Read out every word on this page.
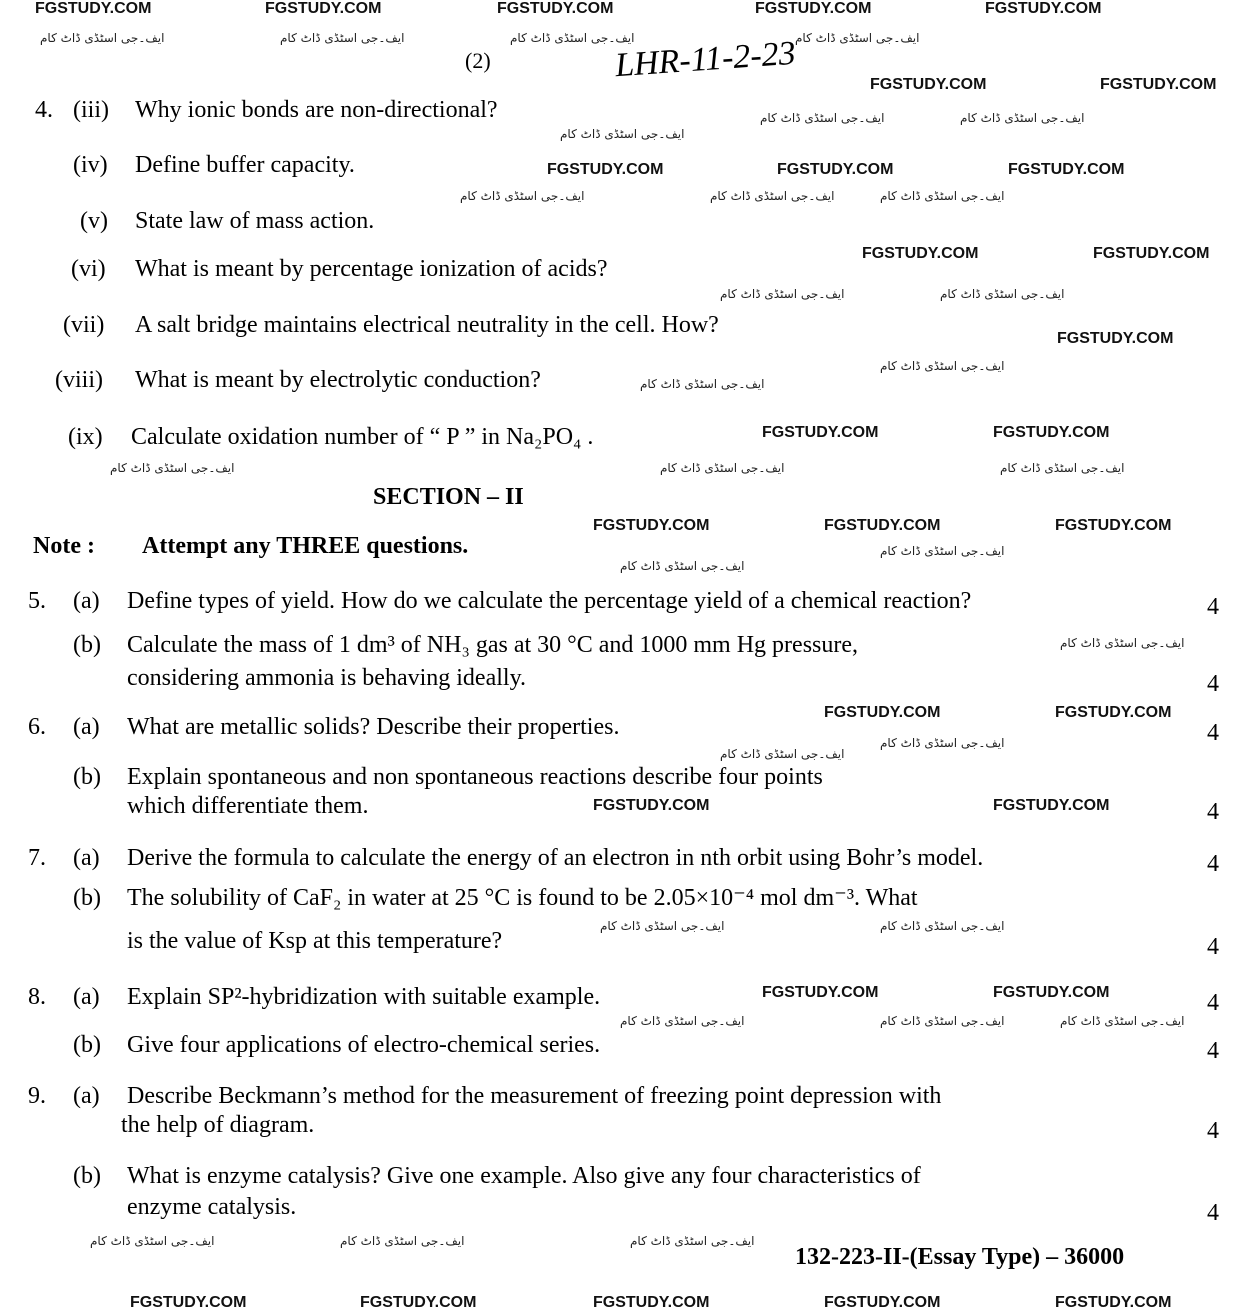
FGSTUDY.COM	FGSTUDY.COM	FGSTUDY.COM	FGSTUDY.COM	FGSTUDY.COM
FGSTUDY.COM	FGSTUDY.COM
FGSTUDY.COM	FGSTUDY.COM	FGSTUDY.COM
FGSTUDY.COM	FGSTUDY.COM
FGSTUDY.COM
FGSTUDY.COM	FGSTUDY.COM
FGSTUDY.COM	FGSTUDY.COM	FGSTUDY.COM
FGSTUDY.COM	FGSTUDY.COM
FGSTUDY.COM	FGSTUDY.COM
FGSTUDY.COM	FGSTUDY.COM
FGSTUDY.COM	FGSTUDY.COM	FGSTUDY.COM	FGSTUDY.COM	FGSTUDY.COM
ایف۔جی اسٹڈی ڈاٹ کام	ایف۔جی اسٹڈی ڈاٹ کام	ایف۔جی اسٹڈی ڈاٹ کام	ایف۔جی اسٹڈی ڈاٹ کام
ایف۔جی اسٹڈی ڈاٹ کام
ایف۔جی اسٹڈی ڈاٹ کام	ایف۔جی اسٹڈی ڈاٹ کام
ایف۔جی اسٹڈی ڈاٹ کام	ایف۔جی اسٹڈی ڈاٹ کام	ایف۔جی اسٹڈی ڈاٹ کام
ایف۔جی اسٹڈی ڈاٹ کام	ایف۔جی اسٹڈی ڈاٹ کام
ایف۔جی اسٹڈی ڈاٹ کام
ایف۔جی اسٹڈی ڈاٹ کام
ایف۔جی اسٹڈی ڈاٹ کام	ایف۔جی اسٹڈی ڈاٹ کام	ایف۔جی اسٹڈی ڈاٹ کام
ایف۔جی اسٹڈی ڈاٹ کام
ایف۔جی اسٹڈی ڈاٹ کام
ایف۔جی اسٹڈی ڈاٹ کام
ایف۔جی اسٹڈی ڈاٹ کام
ایف۔جی اسٹڈی ڈاٹ کام
ایف۔جی اسٹڈی ڈاٹ کام
ایف۔جی اسٹڈی ڈاٹ کام
ایف۔جی اسٹڈی ڈاٹ کام
ایف۔جی اسٹڈی ڈاٹ کام	ایف۔جی اسٹڈی ڈاٹ کام
ایف۔جی اسٹڈی ڈاٹ کام	ایف۔جی اسٹڈی ڈاٹ کام	ایف۔جی اسٹڈی ڈاٹ کام
(2)	LHR-11-2-23
4. (iii) Why ionic bonds are non-directional?
(iv) Define buffer capacity.
(v) State law of mass action.
(vi) What is meant by percentage ionization of acids?
(vii) A salt bridge maintains electrical neutrality in the cell. How?
(viii) What is meant by electrolytic conduction?
(ix) Calculate oxidation number of “ P ” in Na₂PO₄ .
SECTION – II
Note : Attempt any THREE questions.
5. (a) Define types of yield. How do we calculate the percentage yield of a chemical reaction?	4
(b) Calculate the mass of 1 dm³ of NH₃ gas at 30 °C and 1000 mm Hg pressure,
considering ammonia is behaving ideally.	4
6. (a) What are metallic solids? Describe their properties.	4
(b) Explain spontaneous and non spontaneous reactions describe four points
which differentiate them.	4
7. (a) Derive the formula to calculate the energy of an electron in nth orbit using Bohr’s model.	4
(b) The solubility of CaF₂ in water at 25 °C is found to be 2.05×10⁻⁴ mol dm⁻³. What
is the value of Ksp at this temperature?	4
8. (a) Explain SP²-hybridization with suitable example.	4
(b) Give four applications of electro-chemical series.	4
9. (a) Describe Beckmann’s method for the measurement of freezing point depression with
the help of diagram.	4
(b) What is enzyme catalysis? Give one example. Also give any four characteristics of
enzyme catalysis.	4
132-223-II-(Essay Type) – 36000
